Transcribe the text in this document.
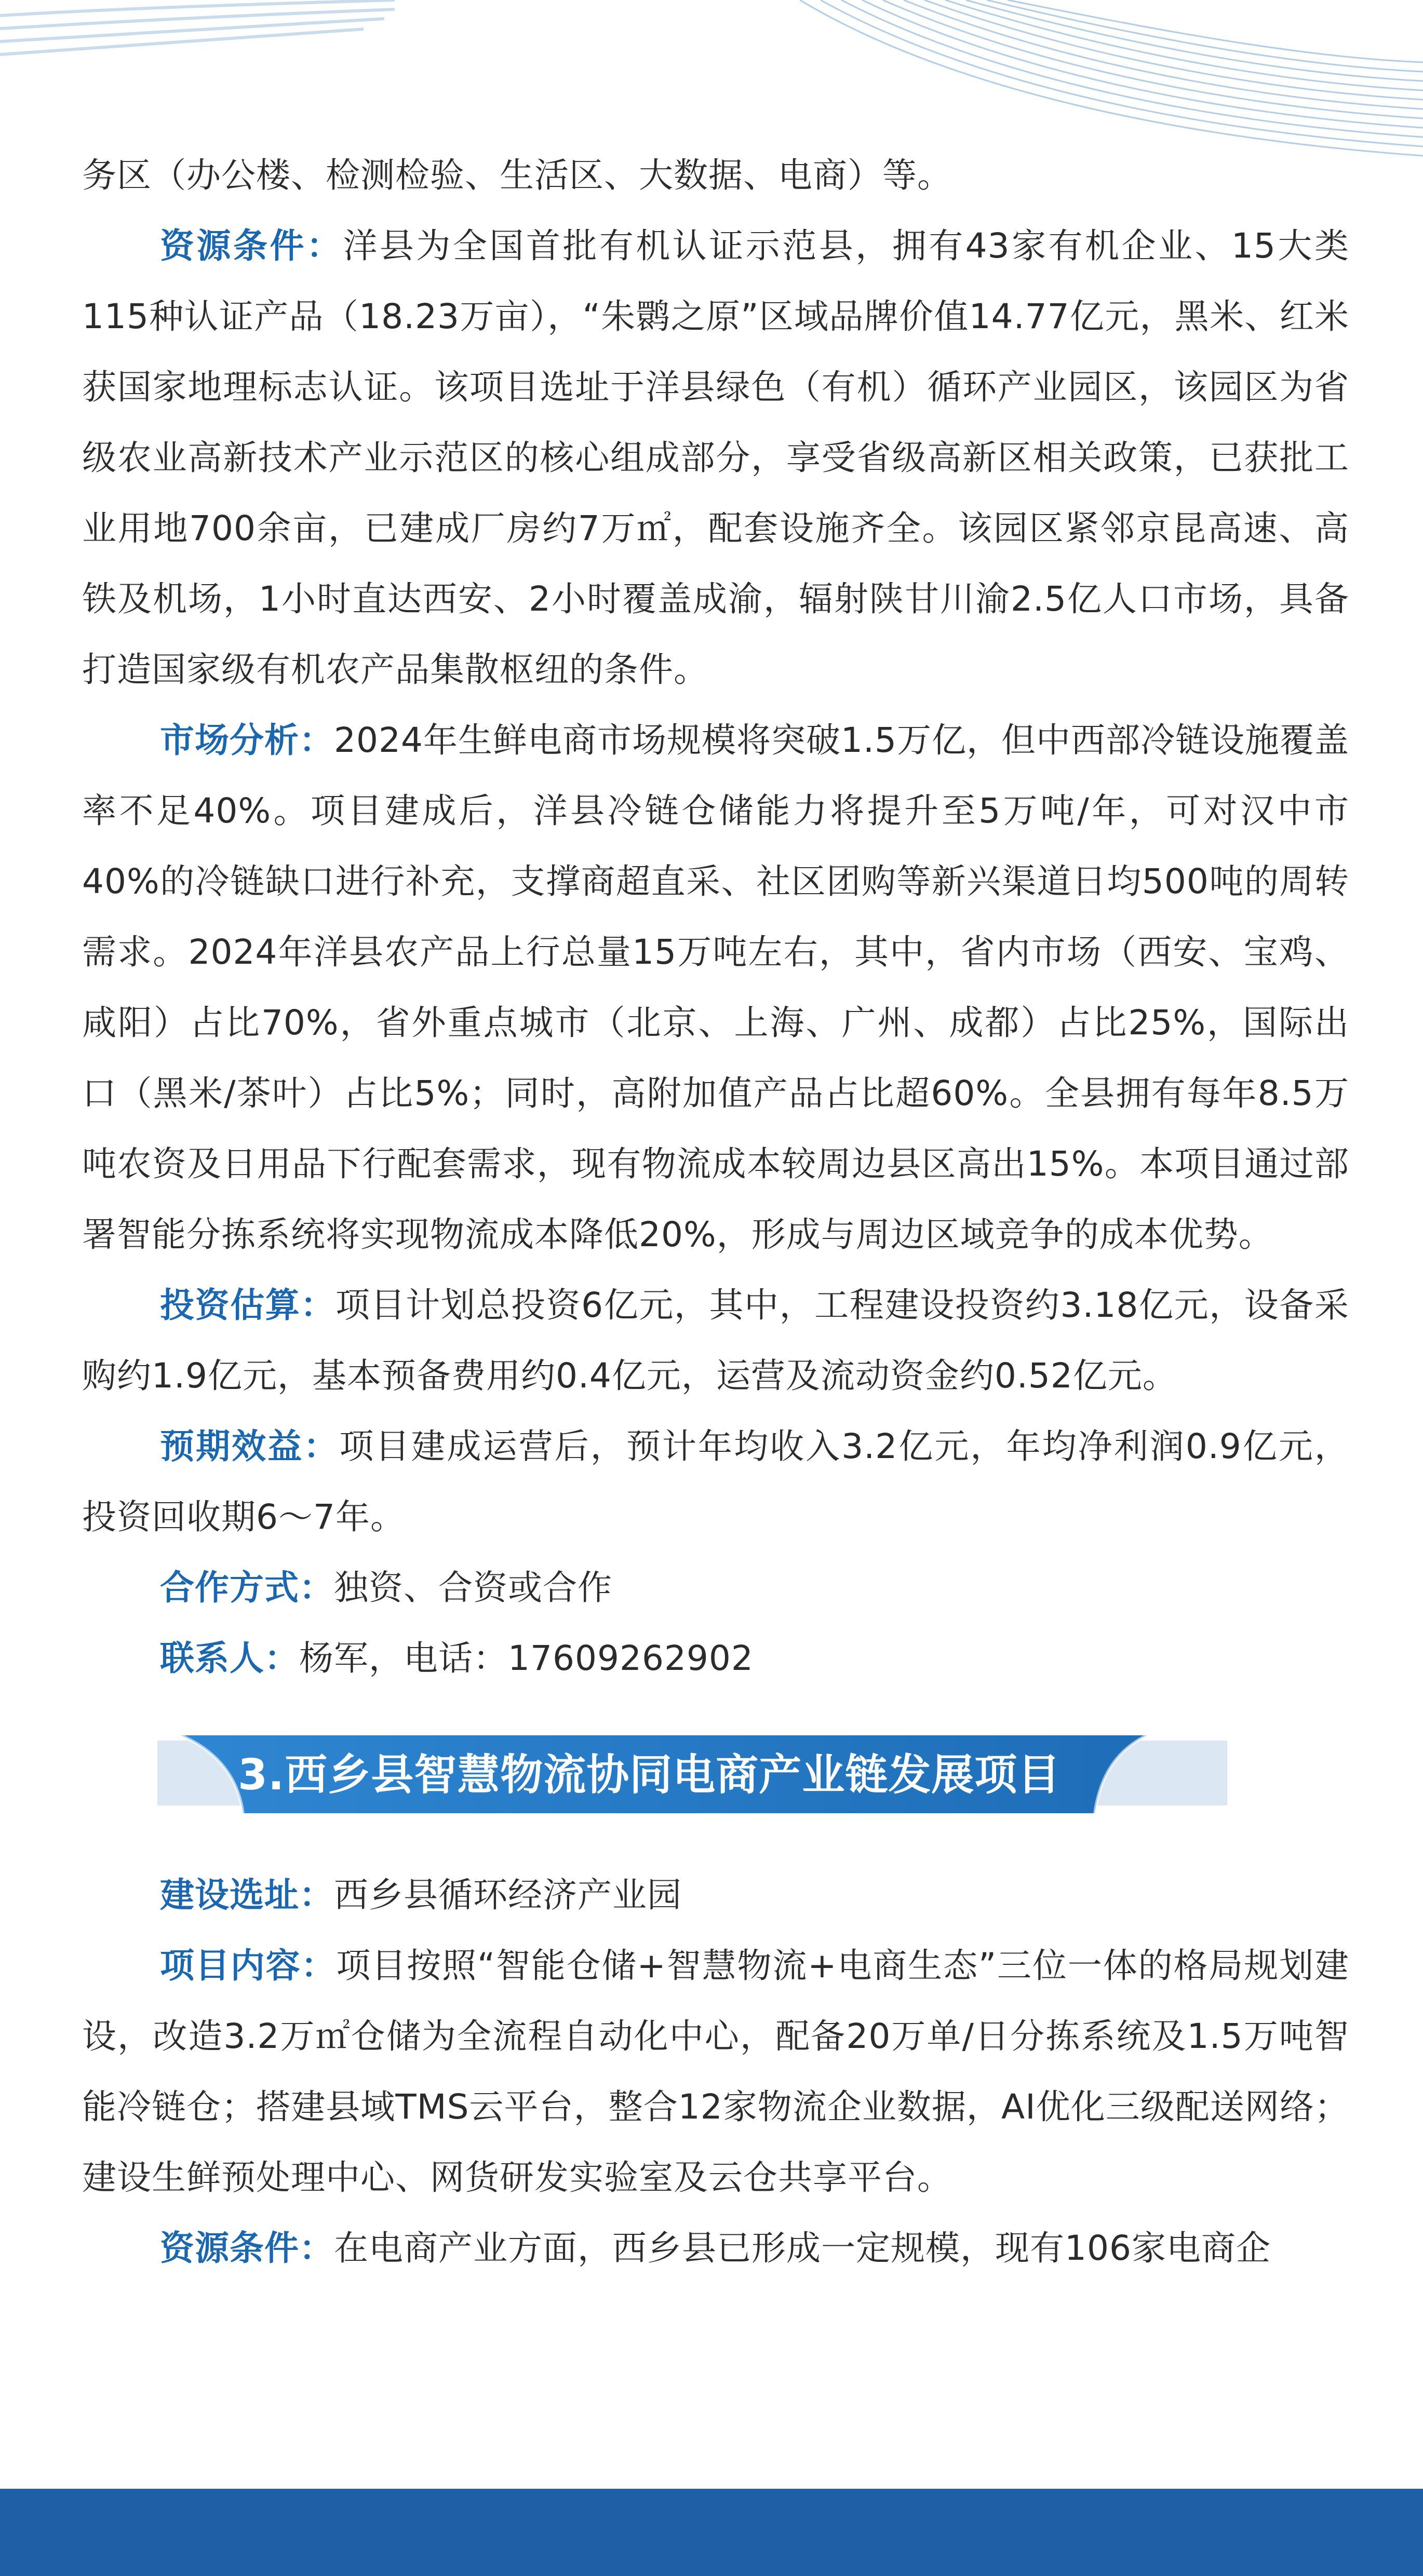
务区（办公楼、检测检验、生活区、大数据、电商）等。

资源条件：洋县为全国首批有机认证示范县，拥有43家有机企业、15大类115种认证产品（18.23万亩），“朱鹮之原”区域品牌价值14.77亿元，黑米、红米获国家地理标志认证。该项目选址于洋县绿色（有机）循环产业园区，该园区为省级农业高新技术产业示范区的核心组成部分，享受省级高新区相关政策，已获批工业用地700余亩，已建成厂房约7万㎡，配套设施齐全。该园区紧邻京昆高速、高铁及机场，1小时直达西安、2小时覆盖成渝，辐射陕甘川渝2.5亿人口市场，具备打造国家级有机农产品集散枢纽的条件。

市场分析：2024年生鲜电商市场规模将突破1.5万亿，但中西部冷链设施覆盖率不足40%。项目建成后，洋县冷链仓储能力将提升至5万吨/年，可对汉中市40%的冷链缺口进行补充，支撑商超直采、社区团购等新兴渠道日均500吨的周转需求。2024年洋县农产品上行总量15万吨左右，其中，省内市场（西安、宝鸡、咸阳）占比70%，省外重点城市（北京、上海、广州、成都）占比25%，国际出口（黑米/茶叶）占比5%；同时，高附加值产品占比超60%。全县拥有每年8.5万吨农资及日用品下行配套需求，现有物流成本较周边县区高出15%。本项目通过部署智能分拣系统将实现物流成本降低20%，形成与周边区域竞争的成本优势。

投资估算：项目计划总投资6亿元，其中，工程建设投资约3.18亿元，设备采购约1.9亿元，基本预备费用约0.4亿元，运营及流动资金约0.52亿元。

预期效益：项目建成运营后，预计年均收入3.2亿元，年均净利润0.9亿元，投资回收期6～7年。

合作方式：独资、合资或合作

联系人：杨军，电话：17609262902

3.西乡县智慧物流协同电商产业链发展项目

建设选址：西乡县循环经济产业园

项目内容：项目按照“智能仓储+智慧物流+电商生态”三位一体的格局规划建设，改造3.2万㎡仓储为全流程自动化中心，配备20万单/日分拣系统及1.5万吨智能冷链仓；搭建县域TMS云平台，整合12家物流企业数据，AI优化三级配送网络；建设生鲜预处理中心、网货研发实验室及云仓共享平台。

资源条件：在电商产业方面，西乡县已形成一定规模，现有106家电商企
